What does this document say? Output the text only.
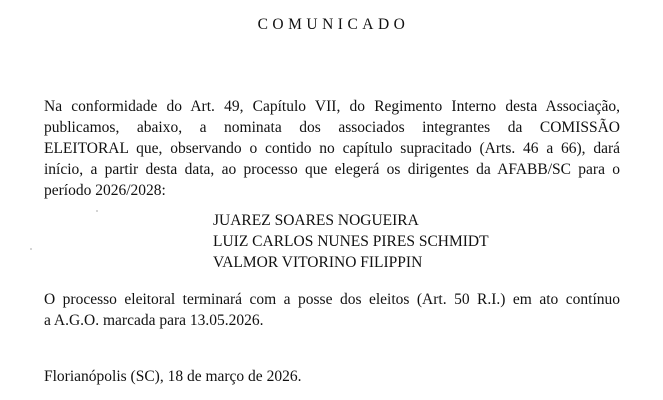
COMUNICADO
Na conformidade do Art. 49, Capítulo VII, do Regimento Interno desta Associação,
publicamos, abaixo, a nominata dos associados integrantes da COMISSÃO
ELEITORAL que, observando o contido no capítulo supracitado (Arts. 46 a 66), dará
início, a partir desta data, ao processo que elegerá os dirigentes da AFABB/SC para o
período 2026/2028:
JUAREZ SOARES NOGUEIRA
LUIZ CARLOS NUNES PIRES SCHMIDT
VALMOR VITORINO FILIPPIN
O processo eleitoral terminará com a posse dos eleitos (Art. 50 R.I.) em ato contínuo
a A.G.O. marcada para 13.05.2026.
Florianópolis (SC), 18 de março de 2026.
